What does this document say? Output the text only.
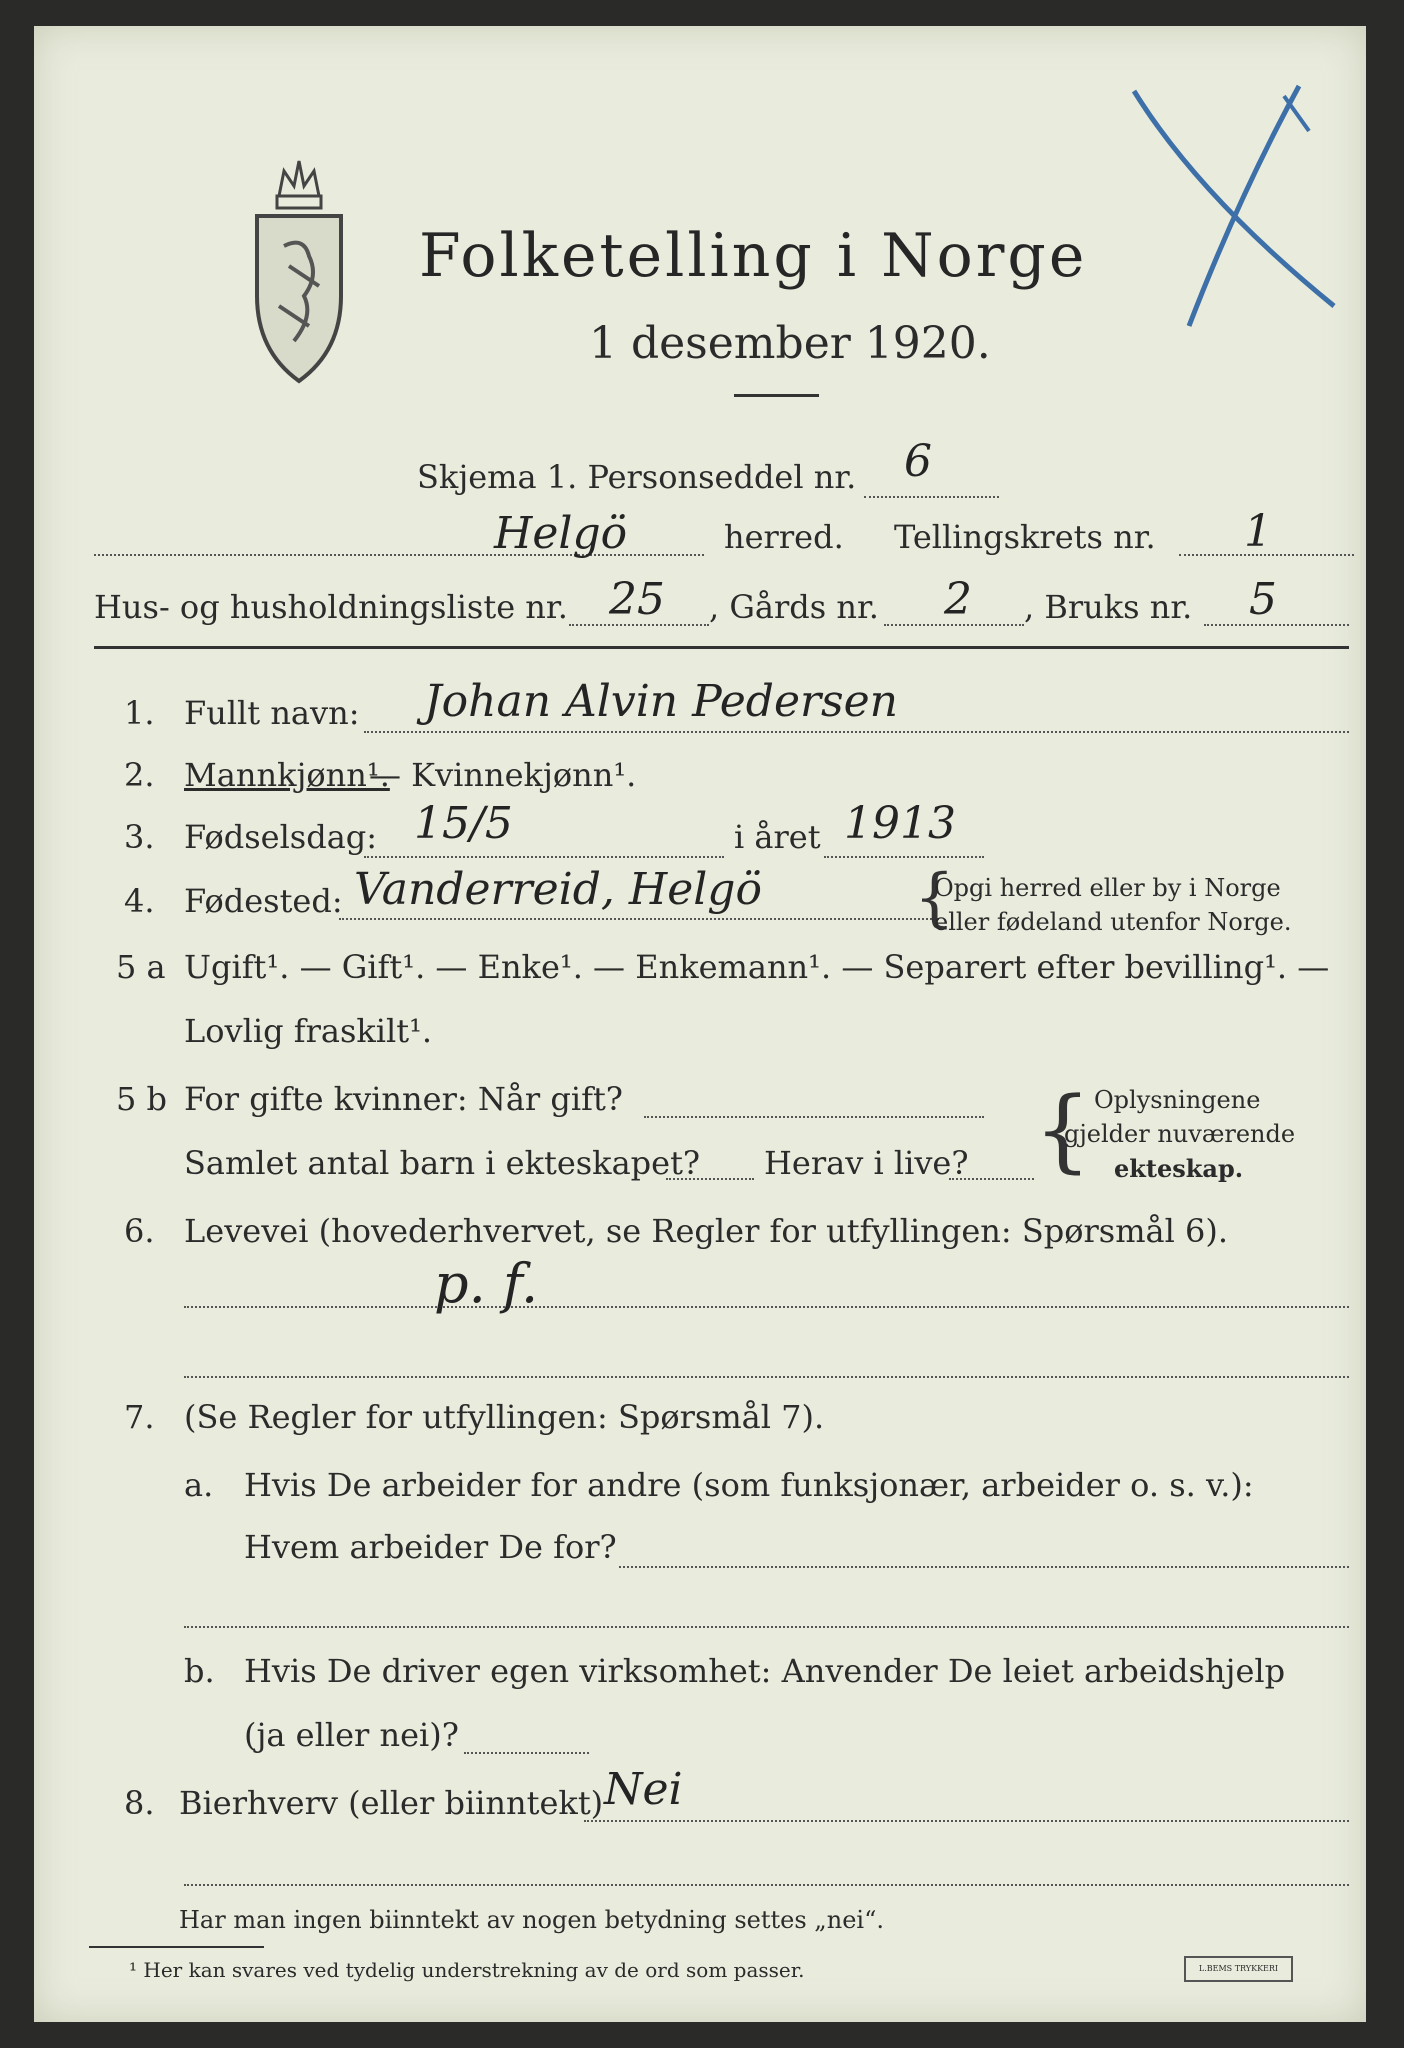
Folketelling i Norge
1 desember 1920.
Skjema 1. Personseddel nr. 6
Helgö	herred. Tellingskrets nr. 1
Hus- og husholdningsliste nr. 25 , Gårds nr. 2 , Bruks nr. 5
1. Fullt navn: Johan Alvin Pedersen
2. Mannkjønn¹.
— Kvinnekjønn¹.
3. Fødselsdag: 15/5	i året 1913
4. Fødested: Vanderreid, Helgö {
Opgi herred eller by i Norge
eller fødeland utenfor Norge.
5 a Ugift¹. — Gift¹. — Enke¹. — Enkemann¹. — Separert efter bevilling¹. —
Lovlig fraskilt¹.
5 b For gifte kvinner: Når gift?
Samlet antal barn i ekteskapet? Herav i live? { Oplysningene
gjelder nuværende
ekteskap.
6. Levevei (hovederhvervet, se Regler for utfyllingen: Spørsmål 6).
p. f.
7. (Se Regler for utfyllingen: Spørsmål 7).
a. Hvis De arbeider for andre (som funksjonær, arbeider o. s. v.):
Hvem arbeider De for?
b. Hvis De driver egen virksomhet: Anvender De leiet arbeidshjelp
(ja eller nei)?
8. Bierhverv (eller biinntekt) Nei
Har man ingen biinntekt av nogen betydning settes „nei“.
¹ Her kan svares ved tydelig understrekning av de ord som passer.	L.BEMS TRYKKERI
